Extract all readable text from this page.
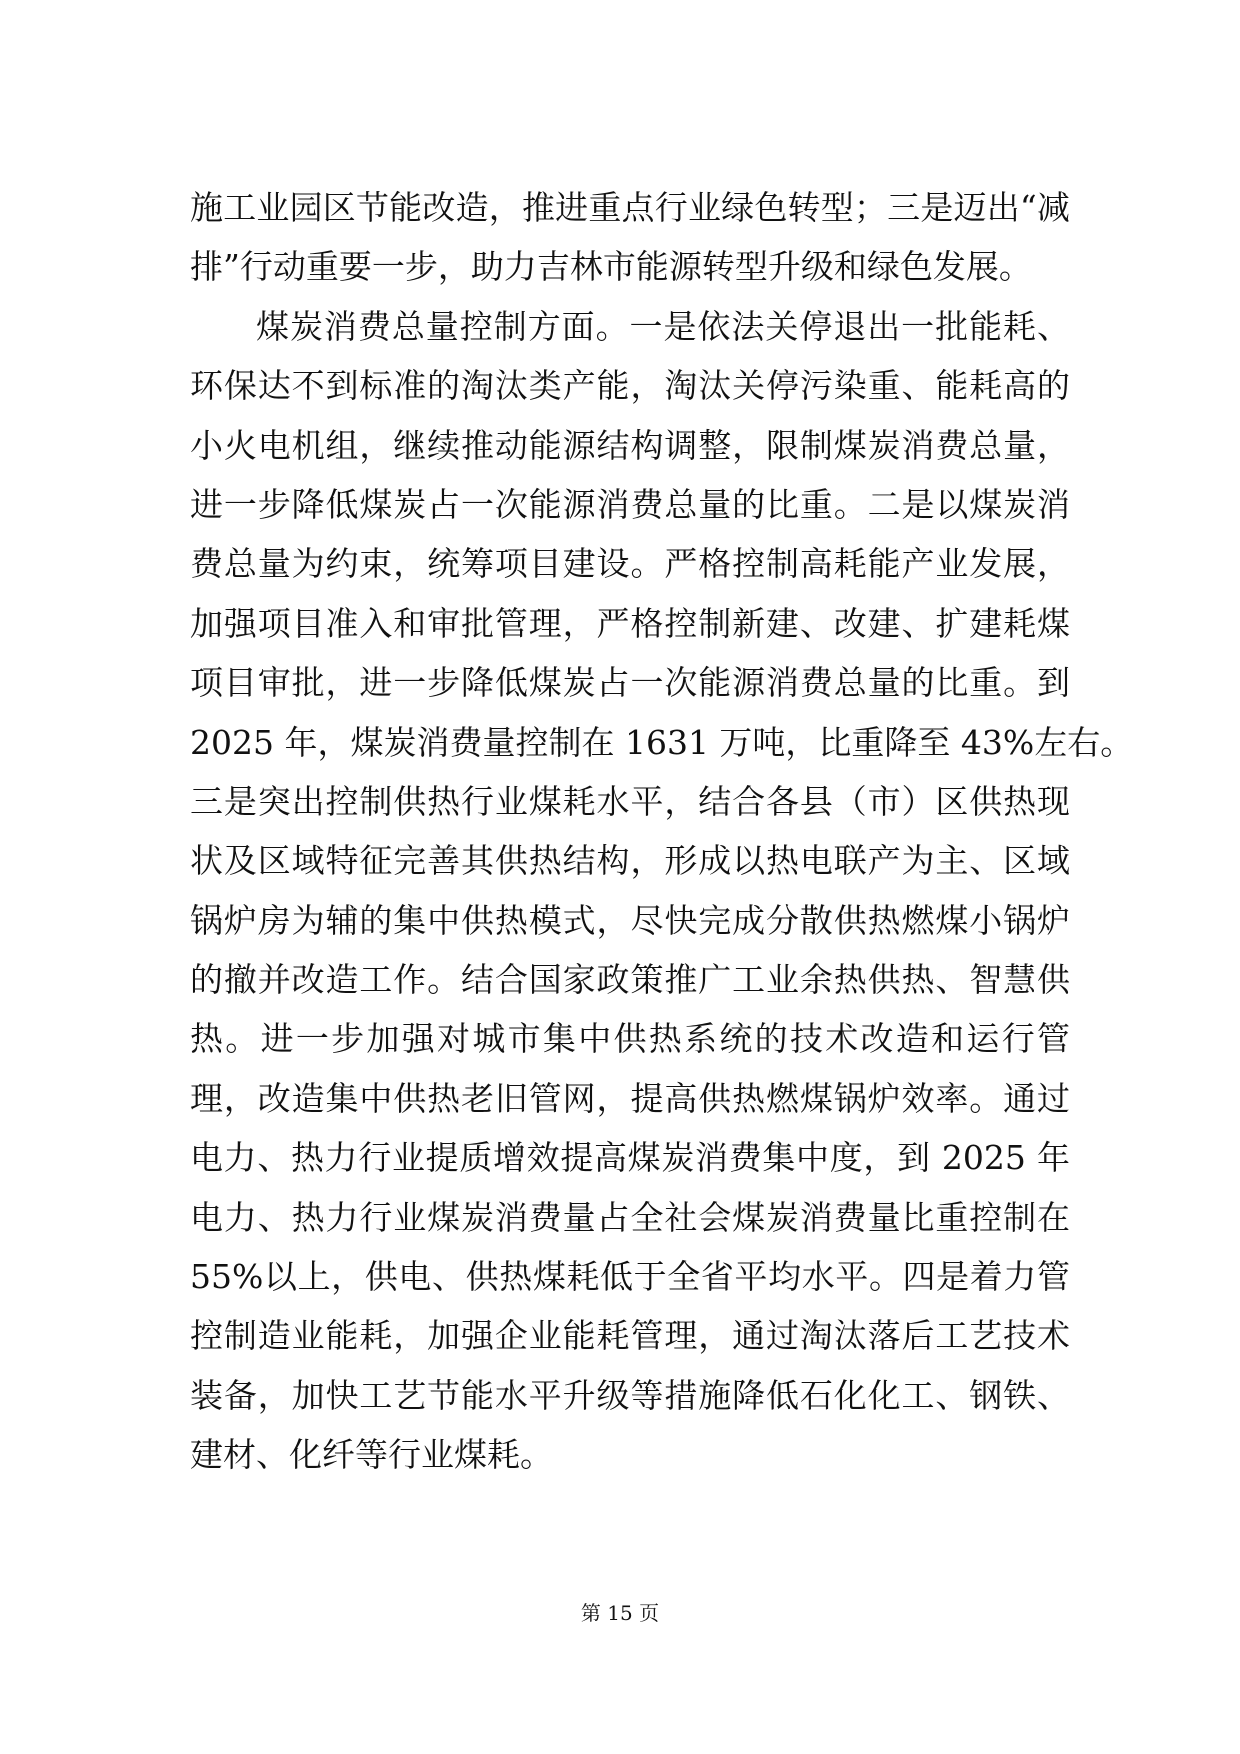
施工业园区节能改造，推进重点行业绿色转型；三是迈出“减
排”行动重要一步，助力吉林市能源转型升级和绿色发展。
煤炭消费总量控制方面。一是依法关停退出一批能耗、
环保达不到标准的淘汰类产能，淘汰关停污染重、能耗高的
小火电机组，继续推动能源结构调整，限制煤炭消费总量，
进一步降低煤炭占一次能源消费总量的比重。二是以煤炭消
费总量为约束，统筹项目建设。严格控制高耗能产业发展，
加强项目准入和审批管理，严格控制新建、改建、扩建耗煤
项目审批，进一步降低煤炭占一次能源消费总量的比重。到
2025 年，煤炭消费量控制在 1631 万吨，比重降至 43%左右。
三是突出控制供热行业煤耗水平，结合各县（市）区供热现
状及区域特征完善其供热结构，形成以热电联产为主、区域
锅炉房为辅的集中供热模式，尽快完成分散供热燃煤小锅炉
的撤并改造工作。结合国家政策推广工业余热供热、智慧供
热。进一步加强对城市集中供热系统的技术改造和运行管
理，改造集中供热老旧管网，提高供热燃煤锅炉效率。通过
电力、热力行业提质增效提高煤炭消费集中度，到 2025 年
电力、热力行业煤炭消费量占全社会煤炭消费量比重控制在
55%以上，供电、供热煤耗低于全省平均水平。四是着力管
控制造业能耗，加强企业能耗管理，通过淘汰落后工艺技术
装备，加快工艺节能水平升级等措施降低石化化工、钢铁、
建材、化纤等行业煤耗。
第 15 页
